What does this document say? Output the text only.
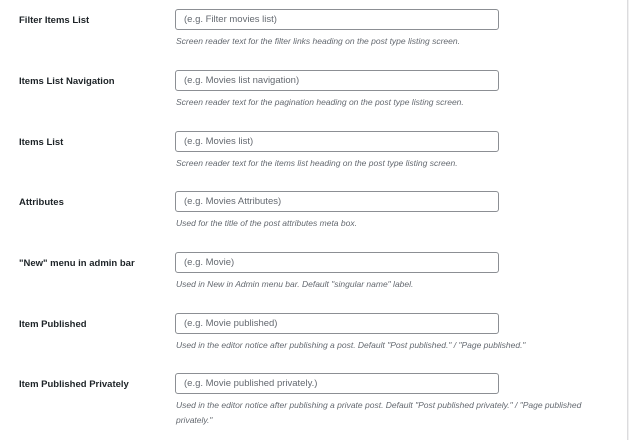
Filter Items List
(e.g. Filter movies list)

Screen reader text for the filter links heading on the post type listing screen.

Items List Navigation
(e.g. Movies list navigation)

Screen reader text for the pagination heading on the post type listing screen.

Items List
(e.g. Movies list)

Screen reader text for the items list heading on the post type listing screen.

Attributes
(e.g. Movies Attributes)

Used for the title of the post attributes meta box.

"New" menu in admin bar
(e.g. Movie)

Used in New in Admin menu bar. Default "singular name" label.

Item Published
(e.g. Movie published)

Used in the editor notice after publishing a post. Default "Post published." / "Page published."

Item Published Privately
(e.g. Movie published privately.)

Used in the editor notice after publishing a private post. Default "Post published privately." / "Page published privately."
